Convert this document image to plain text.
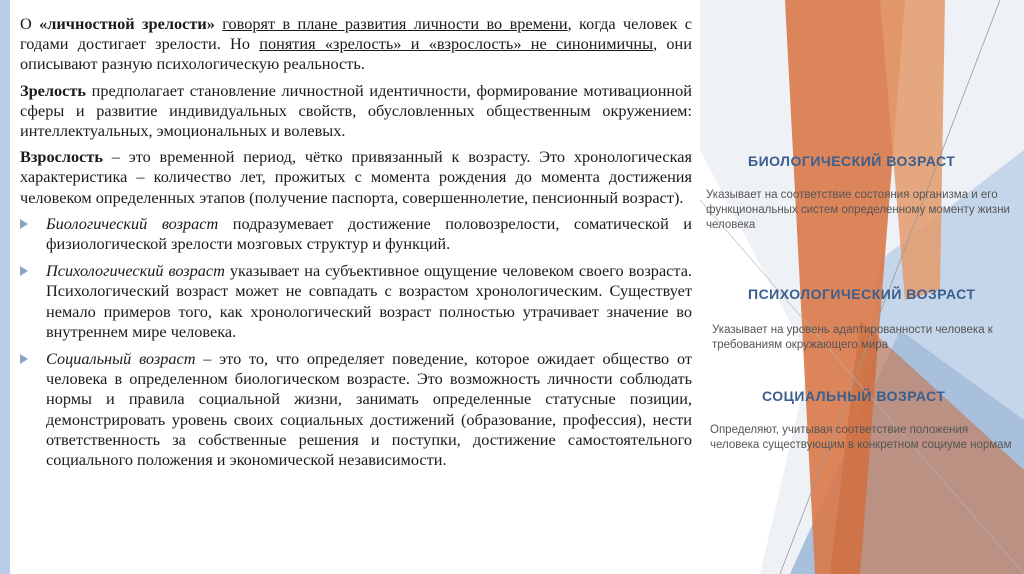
О «личностной зрелости» говорят в плане развития личности во времени, когда человек с годами достигает зрелости. Но понятия «зрелость» и «взрослость» не синонимичны, они описывают разную психологическую реальность.

Зрелость предполагает становление личностной идентичности, формирование мотивационной сферы и развитие индивидуальных свойств, обусловленных общественным окружением: интеллектуальных, эмоциональных и волевых.

Взрослость – это временной период, чётко привязанный к возрасту. Это хронологическая характеристика – количество лет, прожитых с момента рождения до момента достижения человеком определенных этапов (получение паспорта, совершеннолетие, пенсионный возраст).

Биологический возраст подразумевает достижение половозрелости, соматической и физиологической зрелости мозговых структур и функций.
Психологический возраст указывает на субъективное ощущение человеком своего возраста. Психологический возраст может не совпадать с возрастом хронологическим. Существует немало примеров того, как хронологический возраст полностью утрачивает значение во внутреннем мире человека.
Социальный возраст – это то, что определяет поведение, которое ожидает общество от человека в определенном биологическом возрасте. Это возможность личности соблюдать нормы и правила социальной жизни, занимать определенные статусные позиции, демонстрировать уровень своих социальных достижений (образование, профессия), нести ответственность за собственные решения и поступки, достижение самостоятельного социального положения и экономической независимости.
БИОЛОГИЧЕСКИЙ ВОЗРАСТ
Указывает на соответствие состояния организма и его функциональных систем определенному моменту жизни человека
ПСИХОЛОГИЧЕСКИЙ ВОЗРАСТ
Указывает на уровень адаптированности человека к требованиям окружающего мира
СОЦИАЛЬНЫЙ ВОЗРАСТ
Определяют, учитывая соответствие положения человека существующим в конкретном социуме нормам
